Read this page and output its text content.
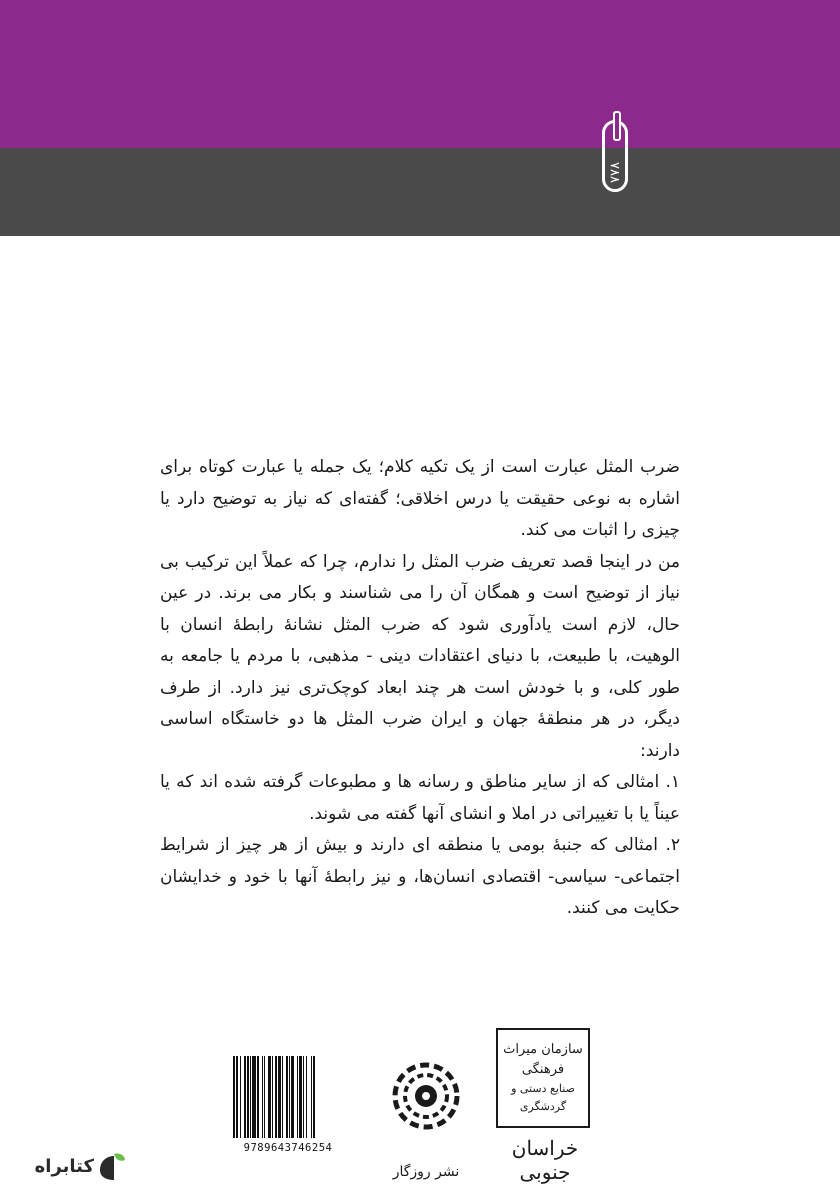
۷۷۸

ضرب المثل عبارت است از یک تکیه کلام؛ یک جمله یا عبارت کوتاه برای اشاره به نوعی حقیقت یا درس اخلاقی؛ گفته‌ای که نیاز به توضیح دارد یا چیزی را اثبات می کند.

من در اینجا قصد تعریف ضرب المثل را ندارم، چرا که عملاً این ترکیب بی نیاز از توضیح است و همگان آن را می شناسند و بکار می برند. در عین حال، لازم است یادآوری شود که ضرب المثل نشانهٔ رابطهٔ انسان با الوهیت، با طبیعت، با دنیای اعتقادات دینی - مذهبی، با مردم یا جامعه به طور کلی، و با خودش است هر چند ابعاد کوچک‌تری نیز دارد. از طرف دیگر، در هر منطقهٔ جهان و ایران ضرب المثل ها دو خاستگاه اساسی دارند:

۱. امثالی که از سایر مناطق و رسانه ها و مطبوعات گرفته شده اند که یا عیناً یا با تغییراتی در املا و انشای آنها گفته می شوند.

۲. امثالی که جنبهٔ بومی یا منطقه ای دارند و بیش از هر چیز از شرایط اجتماعی- سیاسی- اقتصادی انسان‌ها، و نیز رابطهٔ آنها با خود و خدایشان حکایت می کنند.

سازمان میراث فرهنگی
صنایع دستی و گردشگری
خراسان جنوبی
نشر روزگار
9789643746254
کتابراه
